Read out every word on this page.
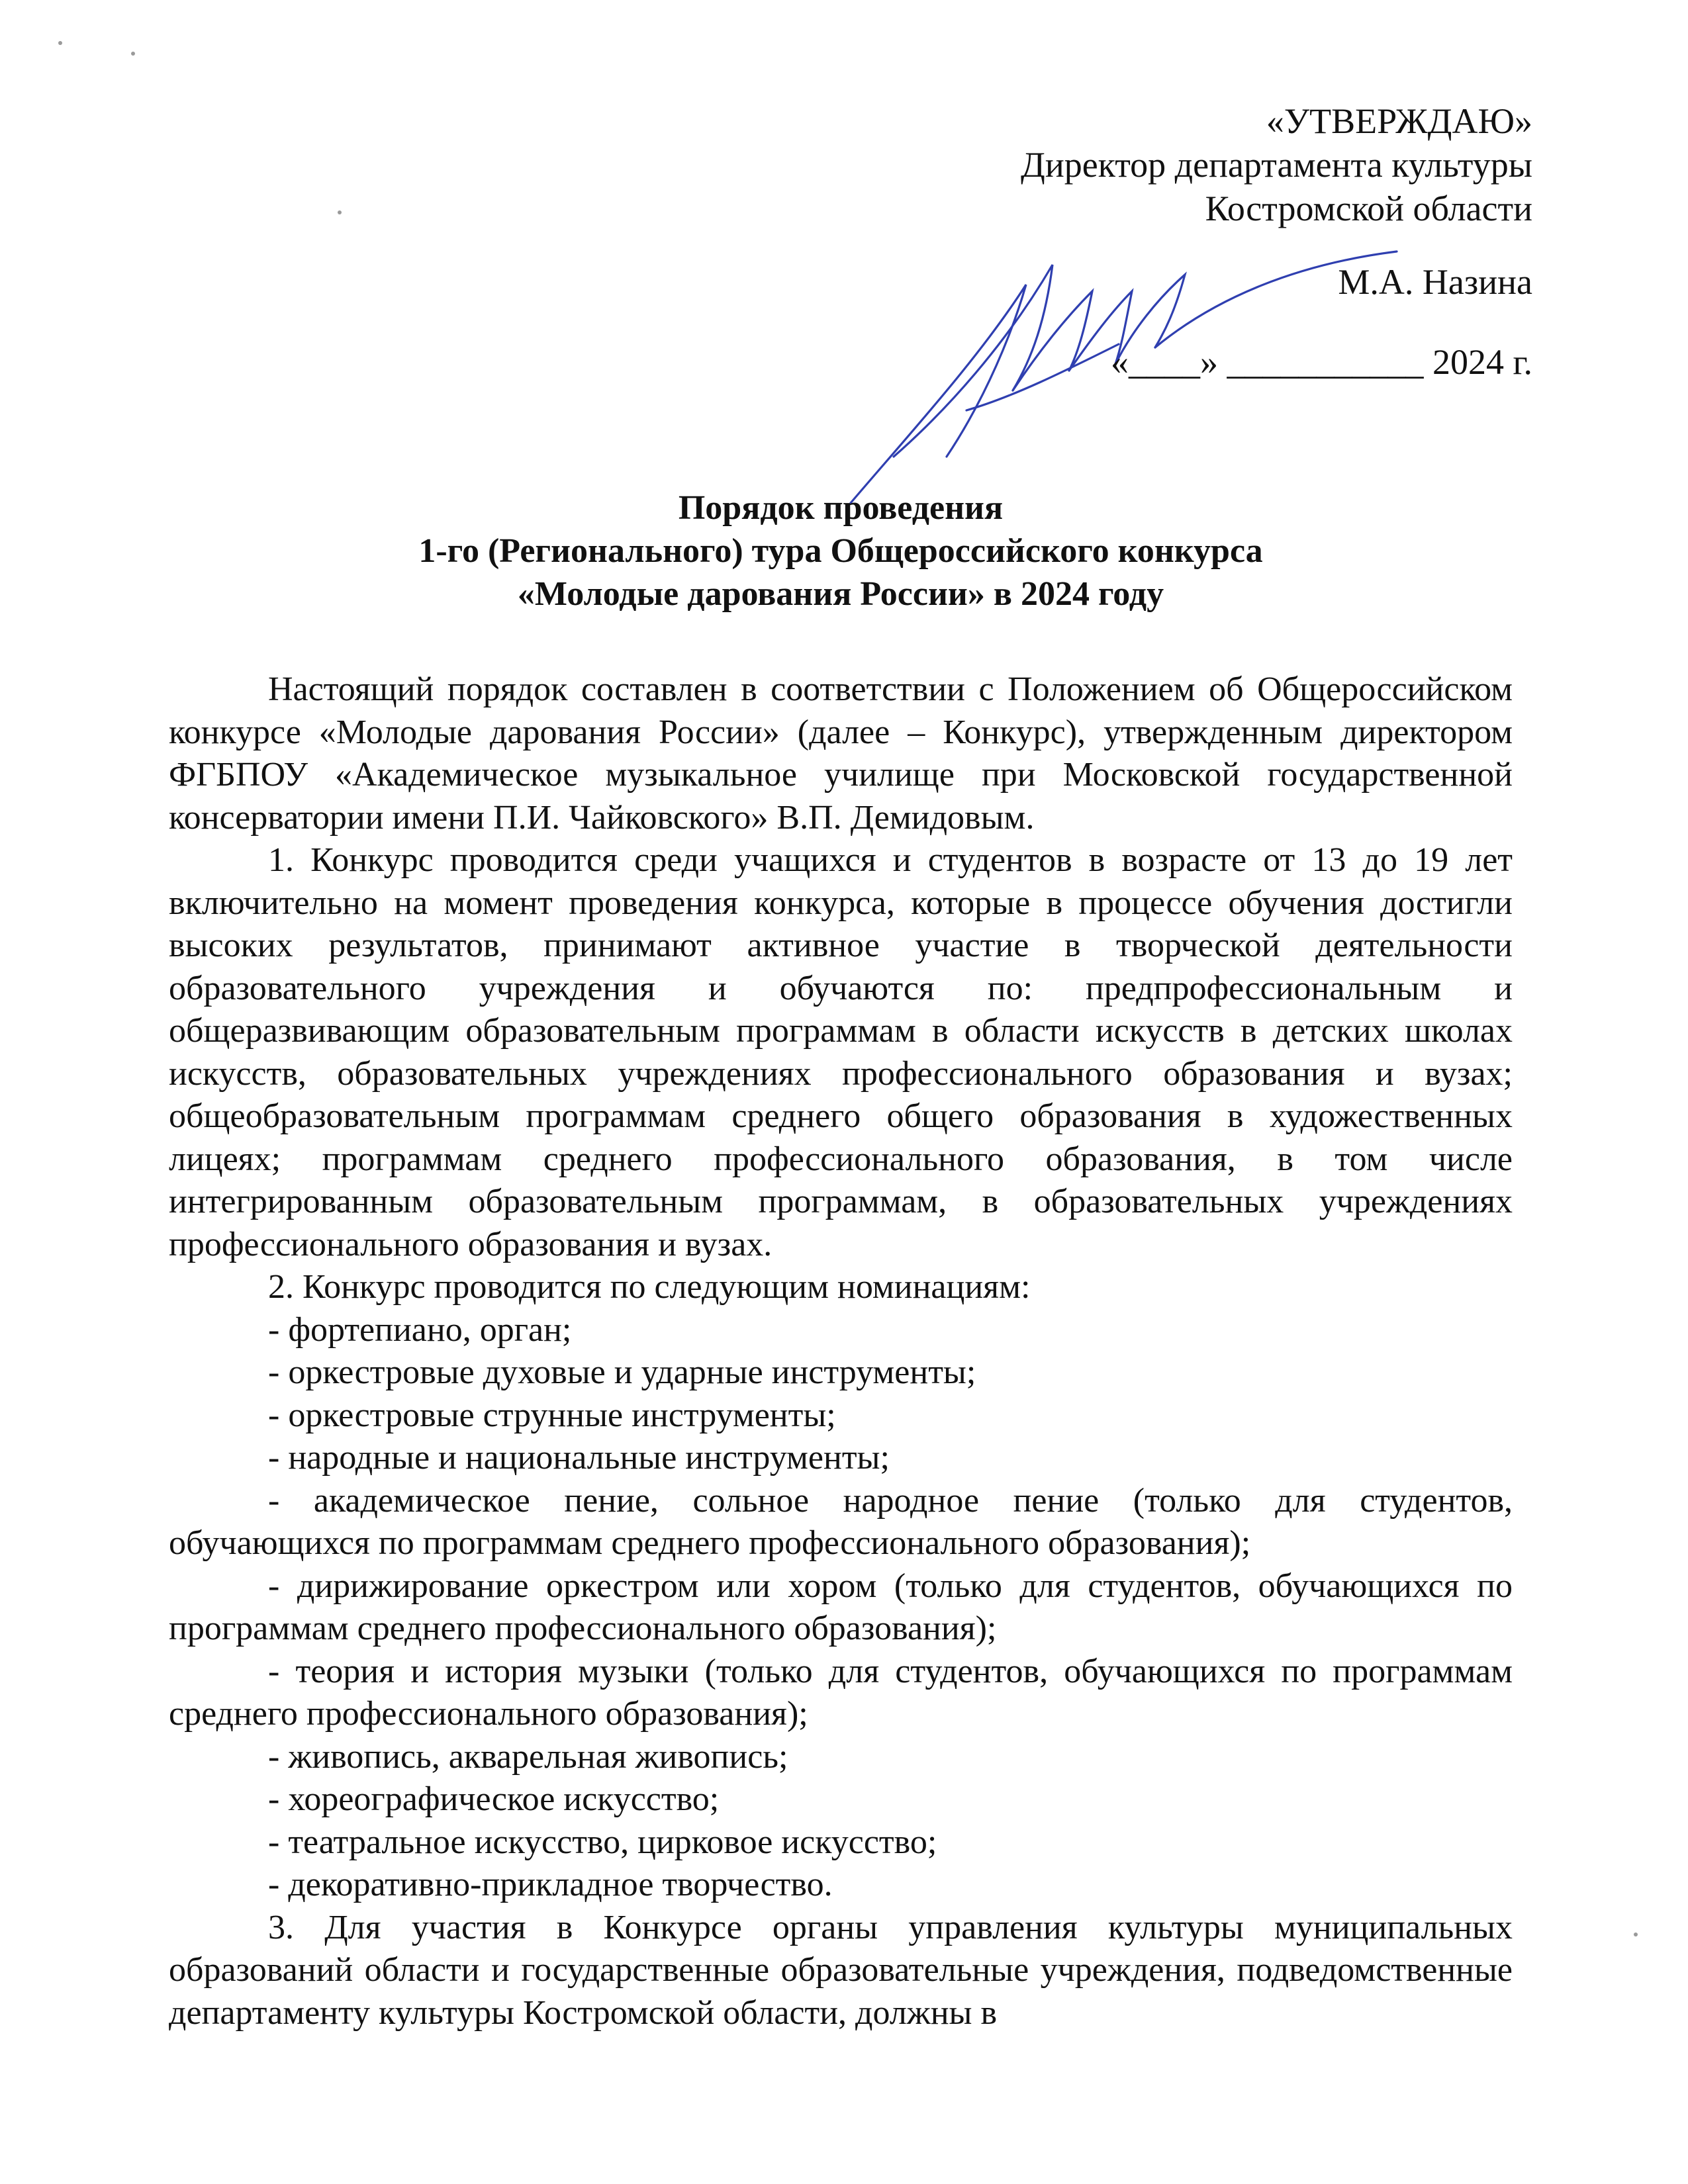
«УТВЕРЖДАЮ»
Директор департамента культуры
Костромской области
М.А. Назина
«____» ___________ 2024 г.
Порядок проведения
1-го (Регионального) тура Общероссийского конкурса
«Молодые дарования России» в 2024 году

Настоящий порядок составлен в соответствии с Положением об Общероссийском конкурсе «Молодые дарования России» (далее – Конкурс), утвержденным директором ФГБПОУ «Академическое музыкальное училище при Московской государственной консерватории имени П.И. Чайковского» В.П. Демидовым.

1. Конкурс проводится среди учащихся и студентов в возрасте от 13 до 19 лет включительно на момент проведения конкурса, которые в процессе обучения достигли высоких результатов, принимают активное участие в творческой деятельности образовательного учреждения и обучаются по: предпрофессиональным и общеразвивающим образовательным программам в области искусств в детских школах искусств, образовательных учреждениях профессионального образования и вузах; общеобразовательным программам среднего общего образования в художественных лицеях; программам среднего профессионального образования, в том числе интегрированным образовательным программам, в образовательных учреждениях профессионального образования и вузах.

2. Конкурс проводится по следующим номинациям:

- фортепиано, орган;
- оркестровые духовые и ударные инструменты;
- оркестровые струнные инструменты;
- народные и национальные инструменты;
- академическое пение, сольное народное пение (только для студентов, обучающихся по программам среднего профессионального образования);
- дирижирование оркестром или хором (только для студентов, обучающихся по программам среднего профессионального образования);
- теория и история музыки (только для студентов, обучающихся по программам среднего профессионального образования);
- живопись, акварельная живопись;
- хореографическое искусство;
- театральное искусство, цирковое искусство;
- декоративно-прикладное творчество.

3. Для участия в Конкурсе органы управления культуры муниципальных образований области и государственные образовательные учреждения, подведомственные департаменту культуры Костромской области, должны в
